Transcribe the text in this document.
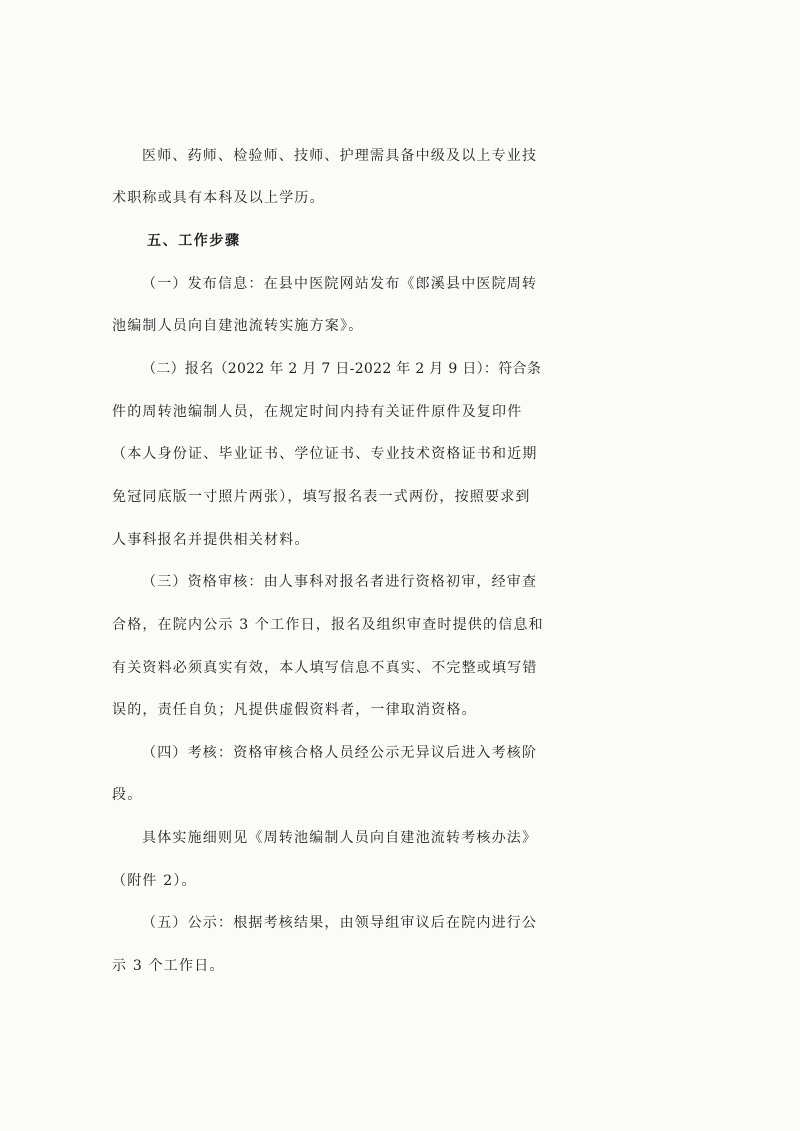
医师、药师、检验师、技师、护理需具备中级及以上专业技

术职称或具有本科及以上学历。

五、工作步骤

（一）发布信息：在县中医院网站发布《郎溪县中医院周转

池编制人员向自建池流转实施方案》。

（二）报名（2022 年 2 月 7 日-2022 年 2 月 9 日）：符合条

件的周转池编制人员，在规定时间内持有关证件原件及复印件

（本人身份证、毕业证书、学位证书、专业技术资格证书和近期

免冠同底版一寸照片两张），填写报名表一式两份，按照要求到

人事科报名并提供相关材料。

（三）资格审核：由人事科对报名者进行资格初审，经审查

合格，在院内公示 3 个工作日，报名及组织审查时提供的信息和

有关资料必须真实有效，本人填写信息不真实、不完整或填写错

误的，责任自负；凡提供虚假资料者，一律取消资格。

（四）考核：资格审核合格人员经公示无异议后进入考核阶

段。

具体实施细则见《周转池编制人员向自建池流转考核办法》

（附件 2）。

（五）公示：根据考核结果，由领导组审议后在院内进行公

示 3 个工作日。
